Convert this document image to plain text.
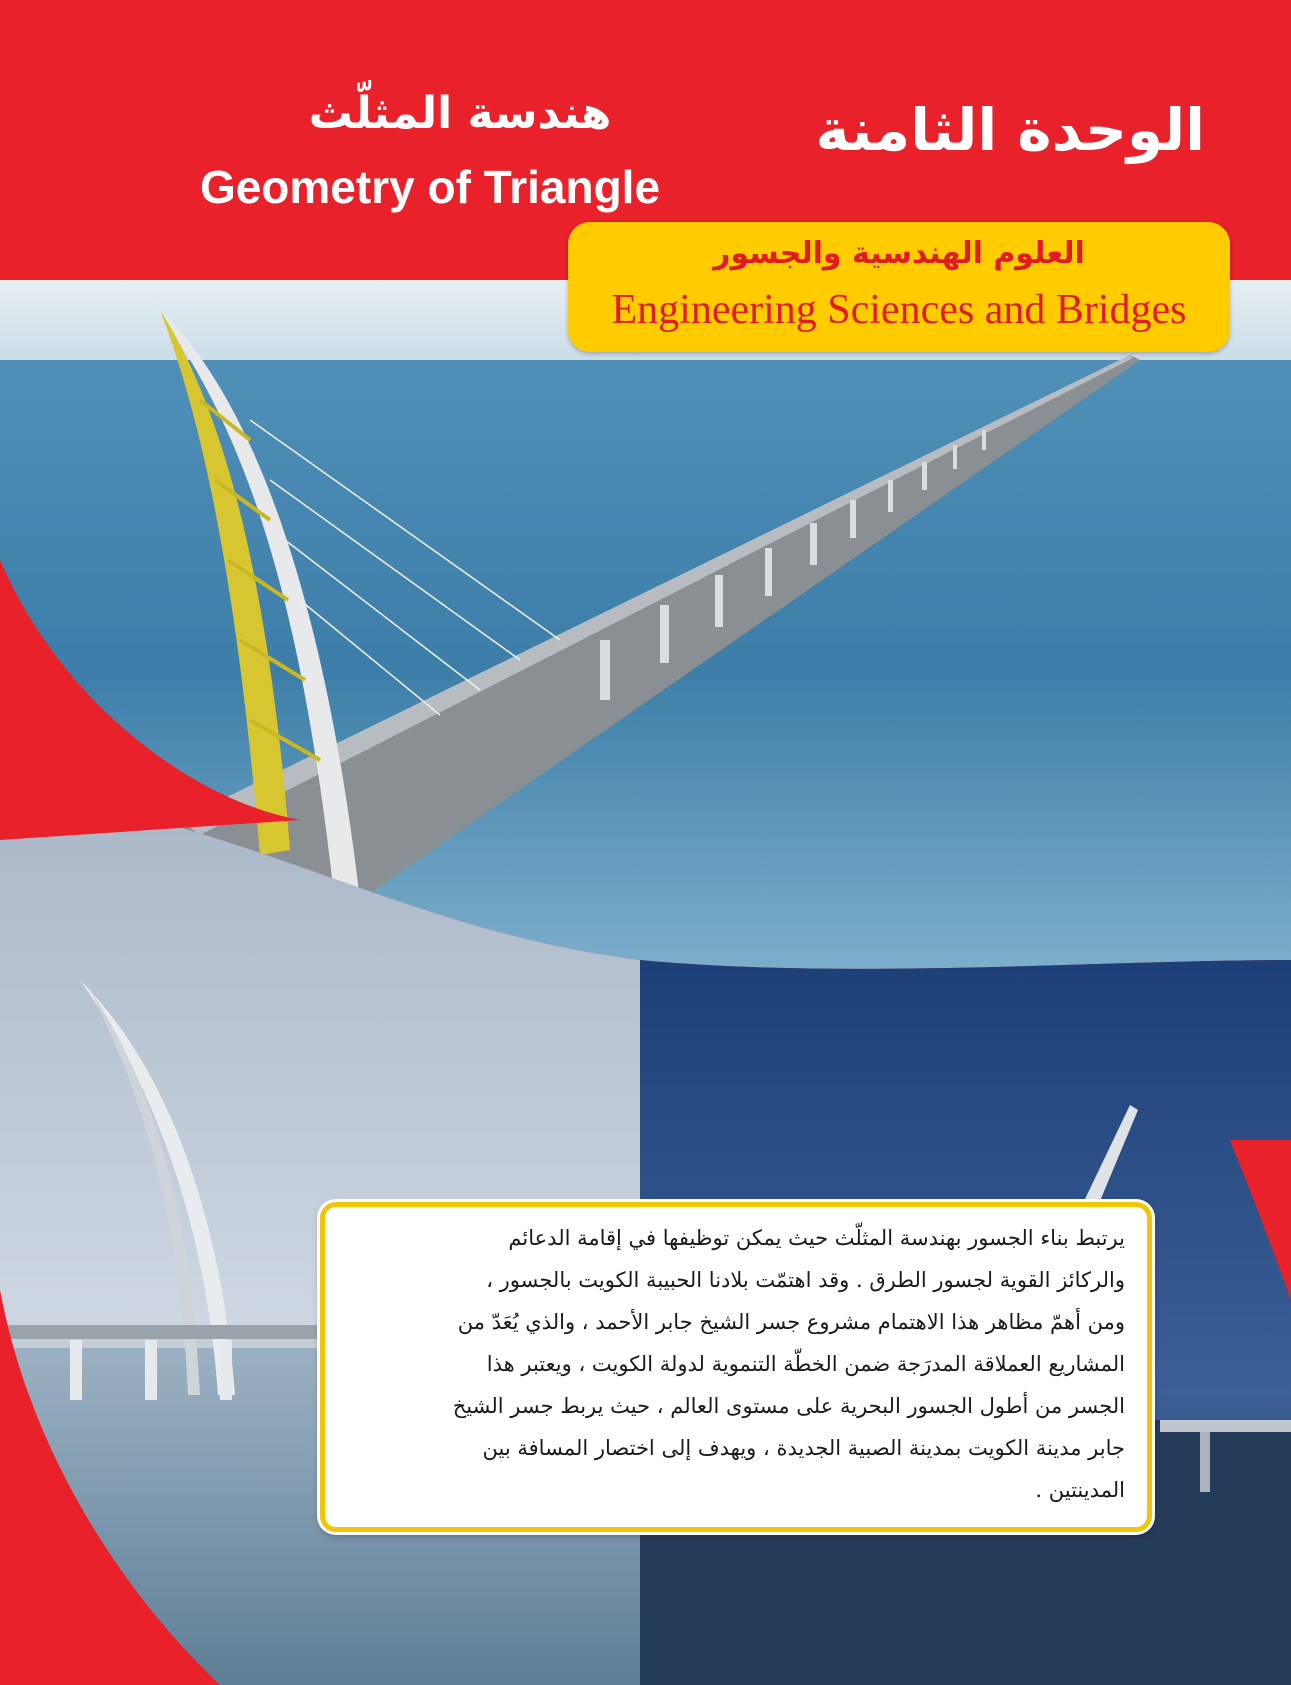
الوحدة الثامنة
هندسة المثلّث
Geometry of Triangle
العلوم الهندسية والجسور
Engineering Sciences and Bridges
يرتبط بناء الجسور بهندسة المثلّث حيث يمكن توظيفها في إقامة الدعائم
والركائز القوية لجسور الطرق . وقد اهتمّت بلادنا الحبيبة الكويت بالجسور ،
ومن أهمّ مظاهر هذا الاهتمام مشروع جسر الشيخ جابر الأحمد ، والذي يُعَدّ من
المشاريع العملاقة المدرَجة ضمن الخطّة التنموية لدولة الكويت ، ويعتبر هذا
الجسر من أطول الجسور البحرية على مستوى العالم ، حيث يربط جسر الشيخ
جابر مدينة الكويت بمدينة الصبية الجديدة ، ويهدف إلى اختصار المسافة بين
المدينتين .
